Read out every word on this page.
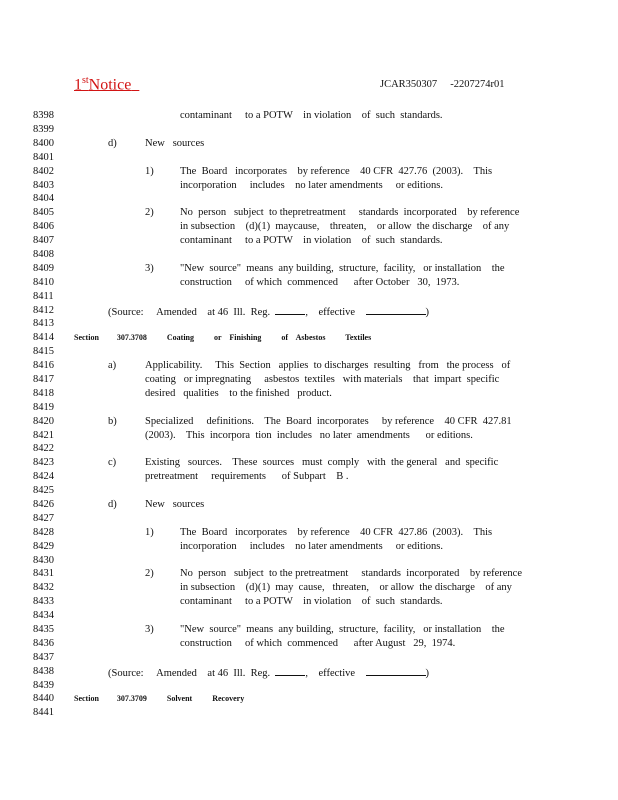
1stNotice	JCAR350307     -2207274r01
8398
8399
8400
8401
8402
8403
8404
8405
8406
8407
8408
8409
8410
8411
8412
8413
8414
8415
8416
8417
8418
8419
8420
8421
8422
8423
8424
8425
8426
8427
8428
8429
8430
8431
8432
8433
8434
8435
8436
8437
8438
8439
8440
8441
contaminant     to a POTW    in violation    of  such  standards.
d)	New   sources
1)	The  Board   incorporates    by reference    40 CFR  427.76  (2003).    This
incorporation     includes    no later amendments     or editions.
2)	No  person   subject  to thepretreatment     standards  incorporated    by reference
in subsection    (d)(1)  maycause,    threaten,    or allow  the discharge    of any
contaminant     to a POTW    in violation    of  such  standards.
3)	"New  source"  means  any building,  structure,  facility,   or installation    the
construction     of which  commenced      after October   30,  1973.
(Source:     Amended    at 46  Ill.  Reg.	,    effective	)
Section         307.3708          Coating          or    Finishing          of    Asbestos          Textiles
a)	Applicability.     This  Section   applies  to discharges  resulting   from   the process   of
coating   or impregnating     asbestos  textiles   with materials    that  impart  specific
desired   qualities    to the finished   product.
b)	Specialized     definitions.    The  Board  incorporates     by reference    40 CFR  427.81
(2003).    This  incorpora  tion  includes   no later  amendments      or editions.
c)	Existing   sources.    These  sources   must  comply   with  the general   and  specific
pretreatment     requirements      of Subpart    B .
d)	New   sources
1)	The  Board   incorporates    by reference    40 CFR  427.86  (2003).    This
incorporation     includes    no later amendments     or editions.
2)	No  person   subject  to the pretreatment     standards  incorporated    by reference
in subsection    (d)(1)  may  cause,   threaten,    or allow  the discharge    of any
contaminant     to a POTW    in violation    of  such  standards.
3)	"New  source"  means  any building,  structure,  facility,   or installation    the
construction     of which  commenced      after August   29,  1974.
(Source:     Amended    at 46  Ill.  Reg.	,    effective	)
Section         307.3709          Solvent          Recovery
